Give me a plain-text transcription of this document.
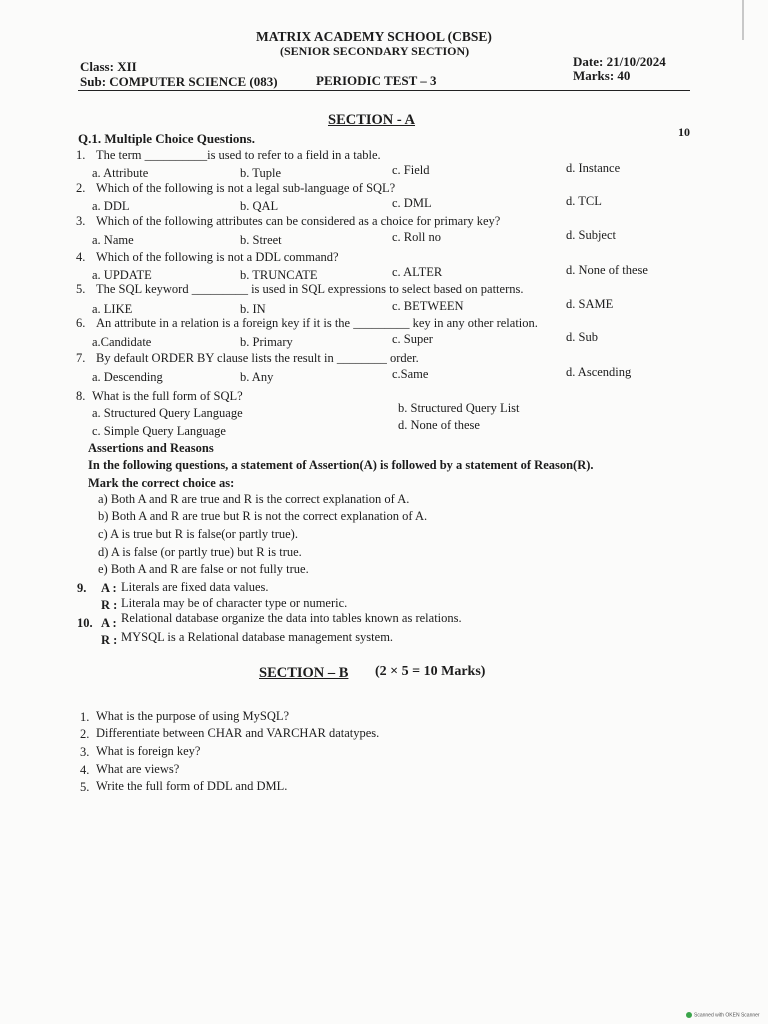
MATRIX ACADEMY SCHOOL (CBSE)
(SENIOR SECONDARY SECTION)
Class: XII
Sub: COMPUTER SCIENCE (083)	PERIODIC TEST – 3
Date: 21/10/2024
Marks: 40
SECTION - A
Q.1. Multiple Choice Questions.	10
1. The term __________is used to refer to a field in a table.
a. Attribute	b. Tuple	c. Field	d. Instance
2. Which of the following is not a legal sub-language of SQL?
a. DDL	b. QAL	c. DML	d. TCL
3. Which of the following attributes can be considered as a choice for primary key?
a. Name	b. Street	c. Roll no	d. Subject
4. Which of the following is not a DDL command?
a. UPDATE	b. TRUNCATE	c. ALTER	d. None of these
5. The SQL keyword _________ is used in SQL expressions to select based on patterns.
a. LIKE	b. IN	c. BETWEEN	d. SAME
6. An attribute in a relation is a foreign key if it is the _________ key in any other relation.
a.Candidate	b. Primary	c. Super	d. Sub
7. By default ORDER BY clause lists the result in ________ order.
a. Descending	b. Any	c.Same	d. Ascending
8. What is the full form of SQL?
a. Structured Query Language	b. Structured Query List
c. Simple Query Language	d. None of these
Assertions and Reasons
In the following questions, a statement of Assertion(A) is followed by a statement of Reason(R).
Mark the correct choice as:
a) Both A and R are true and R is the correct explanation of A.
b) Both A and R are true but R is not the correct explanation of A.
c) A is true but R is false(or partly true).
d) A is false (or partly true) but R is true.
e) Both A and R are false or not fully true.
9. A : Literals are fixed data values.
R : Literala may be of character type or numeric.
10. A : Relational database organize the data into tables known as relations.
R : MYSQL is a Relational database management system.
SECTION – B (2 × 5 = 10 Marks)
1. What is the purpose of using MySQL?
2. Differentiate between CHAR and VARCHAR datatypes.
3. What is foreign key?
4. What are views?
5. Write the full form of DDL and DML.
Scanned with OKEN Scanner
